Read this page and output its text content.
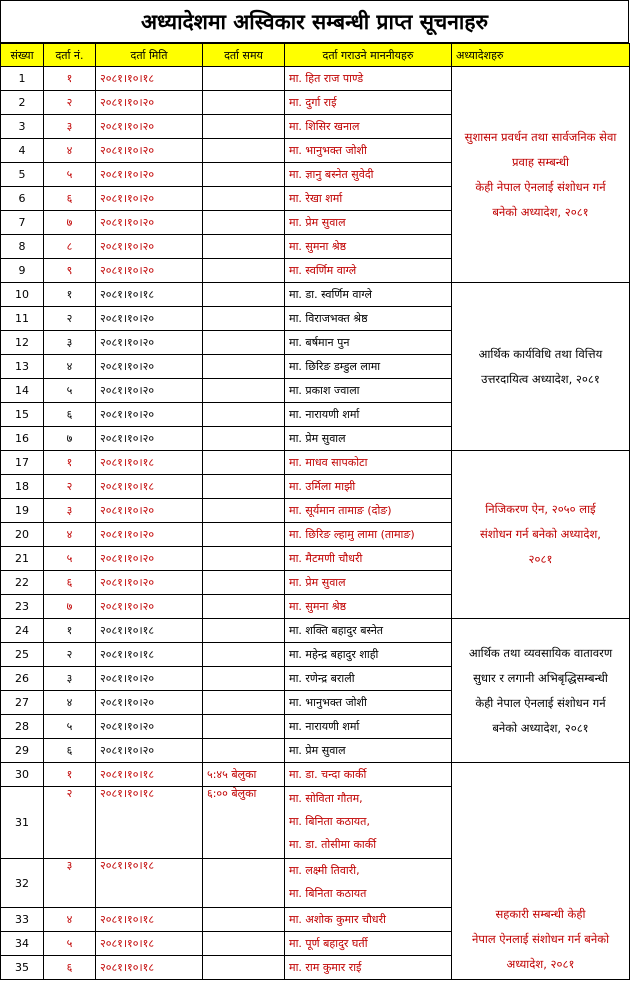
अध्यादेशमा अस्विकार सम्बन्धी प्राप्त सूचनाहरु
संख्या	दर्ता नं.	दर्ता मिति	दर्ता समय	दर्ता गराउने माननीयहरु	अध्यादेशहरु
1	१	२०८१।१०।१८		मा. हित राज पाण्डे	सुशासन प्रवर्धन तथा सार्वजनिक सेवा
प्रवाह सम्बन्धी
केही नेपाल ऐनलाई संशोधन गर्न
बनेको अध्यादेश, २०८१

2	२	२०८१।१०।२०		मा. दुर्गा राई	

3	३	२०८१।१०।२०		मा. शिसिर खनाल	

4	४	२०८१।१०।२०		मा. भानुभक्त जोशी	

5	५	२०८१।१०।२०		मा. ज्ञानु बस्नेत सुवेदी	

6	६	२०८१।१०।२०		मा. रेखा शर्मा	

7	७	२०८१।१०।२०		मा. प्रेम सुवाल	

8	८	२०८१।१०।२०		मा. सुमना श्रेष्ठ	

9	९	२०८१।१०।२०		मा. स्वर्णिम वाग्ले	

10	१	२०८१।१०।१८		मा. डा. स्वर्णिम वाग्ले	आर्थिक कार्यविधि तथा वित्तिय
उत्तरदायित्व अध्यादेश, २०८१

11	२	२०८१।१०।२०		मा. विराजभक्त श्रेष्ठ	

12	३	२०८१।१०।२०		मा. बर्षमान पुन	

13	४	२०८१।१०।२०		मा. छिरिङ डम्डुल लामा	

14	५	२०८१।१०।२०		मा. प्रकाश ज्वाला	

15	६	२०८१।१०।२०		मा. नारायणी शर्मा	

16	७	२०८१।१०।२०		मा. प्रेम सुवाल	

17	१	२०८१।१०।१८		मा. माधव सापकोटा	निजिकरण ऐन, २०५० लाई
संशोधन गर्न बनेको अध्यादेश,
२०८१

18	२	२०८१।१०।१८		मा. उर्मिला माझी	

19	३	२०८१।१०।२०		मा. सूर्यमान तामाङ (दोङ)	

20	४	२०८१।१०।२०		मा. छिरिङ ल्हामु लामा (तामाङ)	

21	५	२०८१।१०।२०		मा. मैटमणी चौधरी	

22	६	२०८१।१०।२०		मा. प्रेम सुवाल	

23	७	२०८१।१०।२०		मा. सुमना श्रेष्ठ	

24	१	२०८१।१०।१८		मा. शक्ति बहादुर बस्नेत	आर्थिक तथा व्यवसायिक वातावरण
सुधार र लगानी अभिबृद्धिसम्बन्धी
केही नेपाल ऐनलाई संशोधन गर्न
बनेको अध्यादेश, २०८१

25	२	२०८१।१०।१८		मा. महेन्द्र बहादुर शाही	

26	३	२०८१।१०।२०		मा. रणेन्द्र बराली	

27	४	२०८१।१०।२०		मा. भानुभक्त जोशी	

28	५	२०८१।१०।२०		मा. नारायणी शर्मा	

29	६	२०८१।१०।२०		मा. प्रेम सुवाल	

30	१	२०८१।१०।१८	५:४५ बेलुका	मा. डा. चन्दा कार्की	सहकारी सम्बन्धी केही
नेपाल ऐनलाई संशोधन गर्न बनेको
अध्यादेश, २०८१

31	२	२०८१।१०।१८	६:०० बेलुका	मा. सोविता गौतम,
मा. बिनिता कठायत,
मा. डा. तोसीमा कार्की	

32	३	२०८१।१०।१८		मा. लक्ष्मी तिवारी,
मा. बिनिता कठायत	

33	४	२०८१।१०।१८		मा. अशोक कुमार चौधरी	

34	५	२०८१।१०।१८		मा. पूर्ण बहादुर घर्ती	

35	६	२०८१।१०।१८		मा. राम कुमार राई	
